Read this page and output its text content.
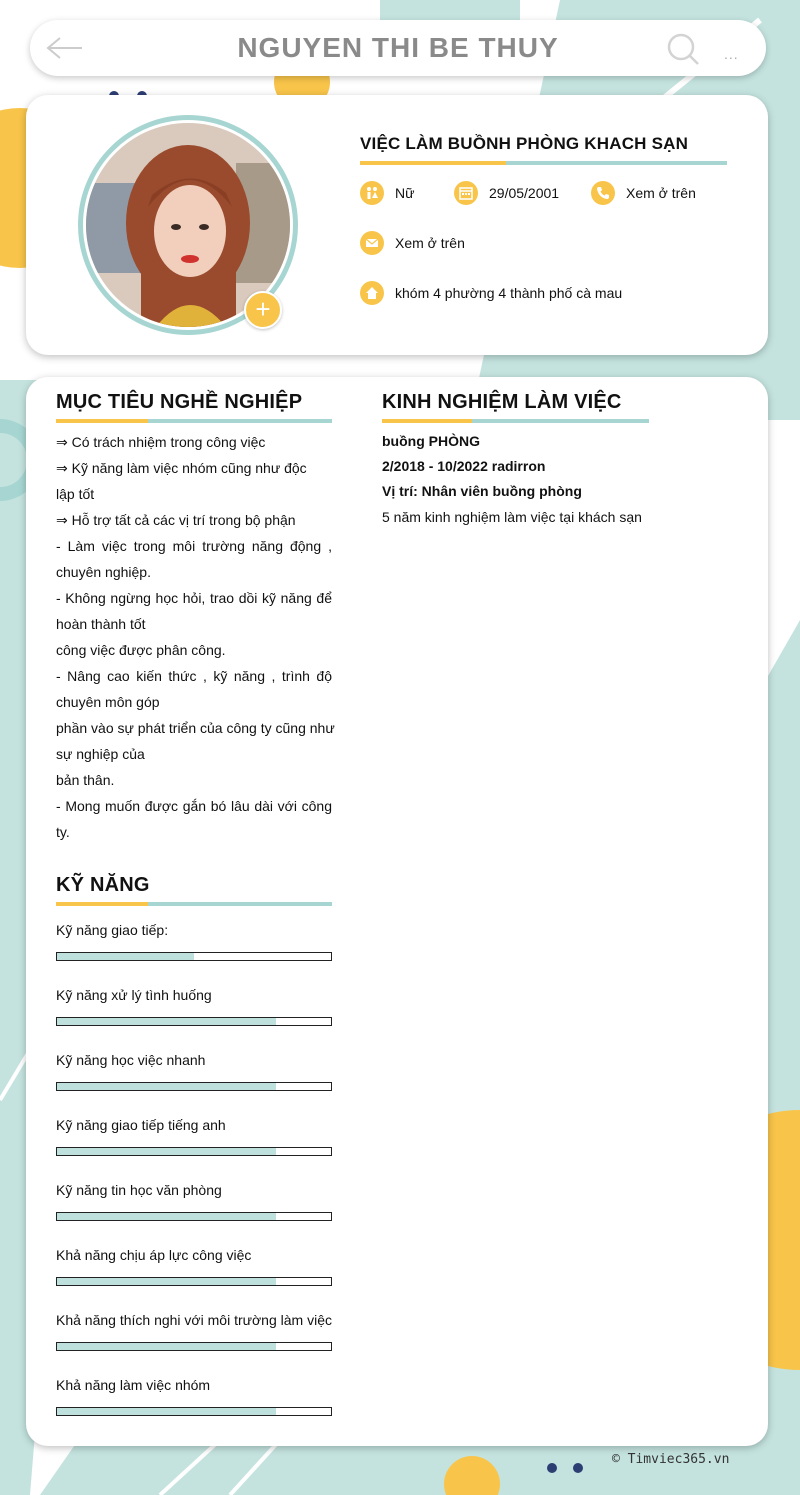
NGUYEN THI BE THUY	...
+
VIỆC LÀM BUỒNH PHÒNG KHACH SẠN
Nữ	29/05/2001	Xem ở trên
Xem ở trên
khóm 4 phường 4 thành phố cà mau
MỤC TIÊU NGHỀ NGHIỆP
⇒ Có trách nhiệm trong công việc
⇒ Kỹ năng làm việc nhóm cũng như độc
lập tốt
⇒ Hỗ trợ tất cả các vị trí trong bộ phận
- Làm việc trong môi trường năng động ,
chuyên nghiệp.
- Không ngừng học hỏi, trao dồi kỹ năng để
hoàn thành tốt
công việc được phân công.
- Nâng cao kiến thức , kỹ năng , trình độ
chuyên môn góp
phần vào sự phát triển của công ty cũng như
sự nghiệp của
bản thân.
- Mong muốn được gắn bó lâu dài với công
ty.
KINH NGHIỆM LÀM VIỆC
buồng PHÒNG
2/2018 - 10/2022 radirron
Vị trí: Nhân viên buồng phòng
5 năm kinh nghiệm làm việc tại khách sạn
KỸ NĂNG
Kỹ năng giao tiếp:
Kỹ năng xử lý tình huống
Kỹ năng học việc nhanh
Kỹ năng giao tiếp tiếng anh
Kỹ năng tin học văn phòng
Khả năng chịu áp lực công việc
Khả năng thích nghi với môi trường làm việc
Khả năng làm việc nhóm
© Timviec365.vn
